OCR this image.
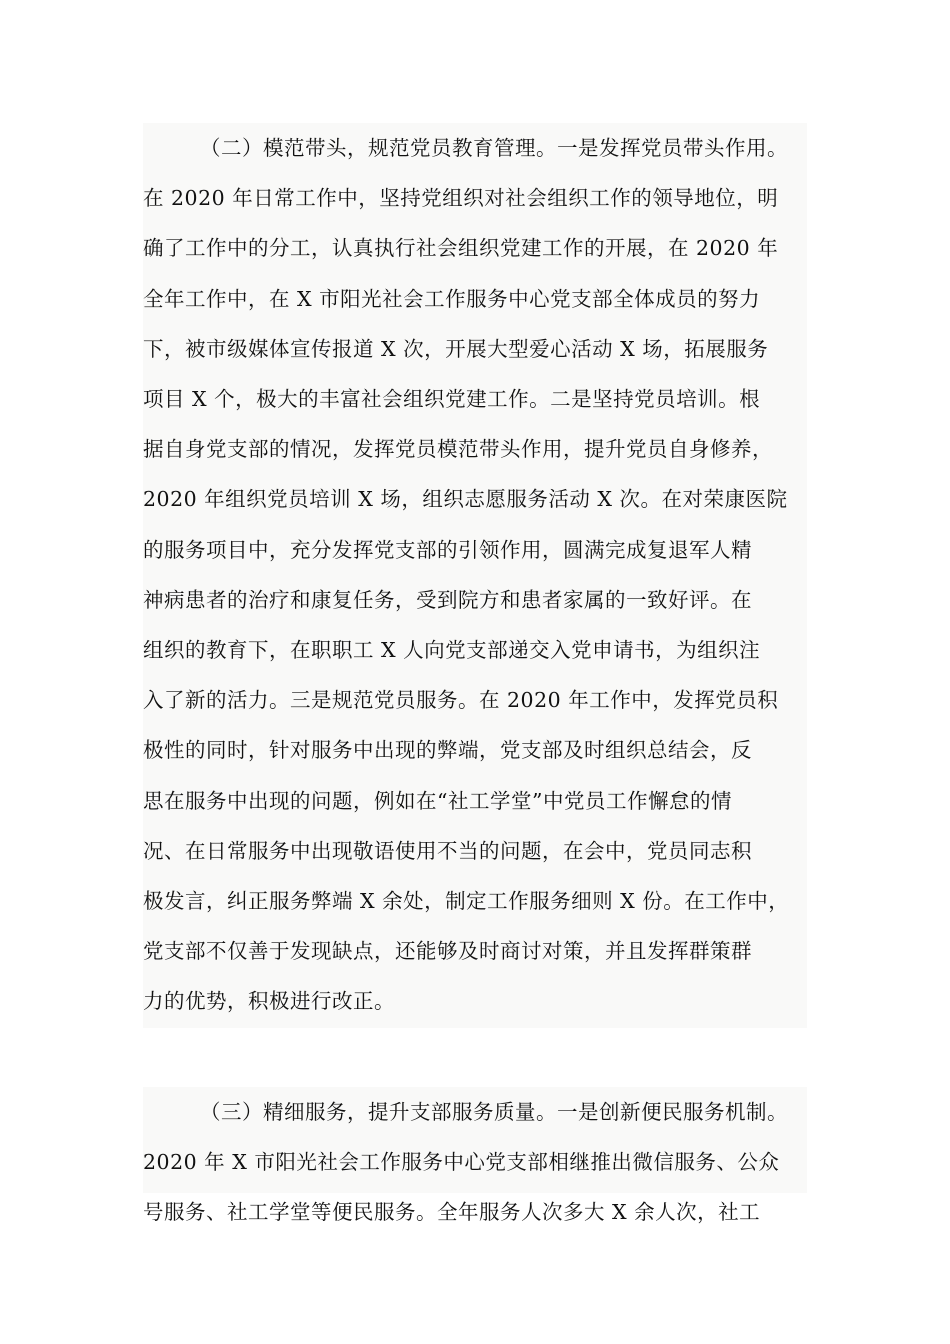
（二）模范带头，规范党员教育管理。一是发挥党员带头作用。
在 2020 年日常工作中，坚持党组织对社会组织工作的领导地位，明
确了工作中的分工，认真执行社会组织党建工作的开展，在 2020 年
全年工作中，在 X 市阳光社会工作服务中心党支部全体成员的努力
下，被市级媒体宣传报道 X 次，开展大型爱心活动 X 场，拓展服务
项目 X 个，极大的丰富社会组织党建工作。二是坚持党员培训。根
据自身党支部的情况，发挥党员模范带头作用，提升党员自身修养，
2020 年组织党员培训 X 场，组织志愿服务活动 X 次。在对荣康医院
的服务项目中，充分发挥党支部的引领作用，圆满完成复退军人精
神病患者的治疗和康复任务，受到院方和患者家属的一致好评。在
组织的教育下，在职职工 X 人向党支部递交入党申请书，为组织注
入了新的活力。三是规范党员服务。在 2020 年工作中，发挥党员积
极性的同时，针对服务中出现的弊端，党支部及时组织总结会，反
思在服务中出现的问题，例如在“社工学堂”中党员工作懈怠的情
况、在日常服务中出现敬语使用不当的问题，在会中，党员同志积
极发言，纠正服务弊端 X 余处，制定工作服务细则 X 份。在工作中，
党支部不仅善于发现缺点，还能够及时商讨对策，并且发挥群策群
力的优势，积极进行改正。
（三）精细服务，提升支部服务质量。一是创新便民服务机制。
2020 年 X 市阳光社会工作服务中心党支部相继推出微信服务、公众
号服务、社工学堂等便民服务。全年服务人次多大 X 余人次，社工
